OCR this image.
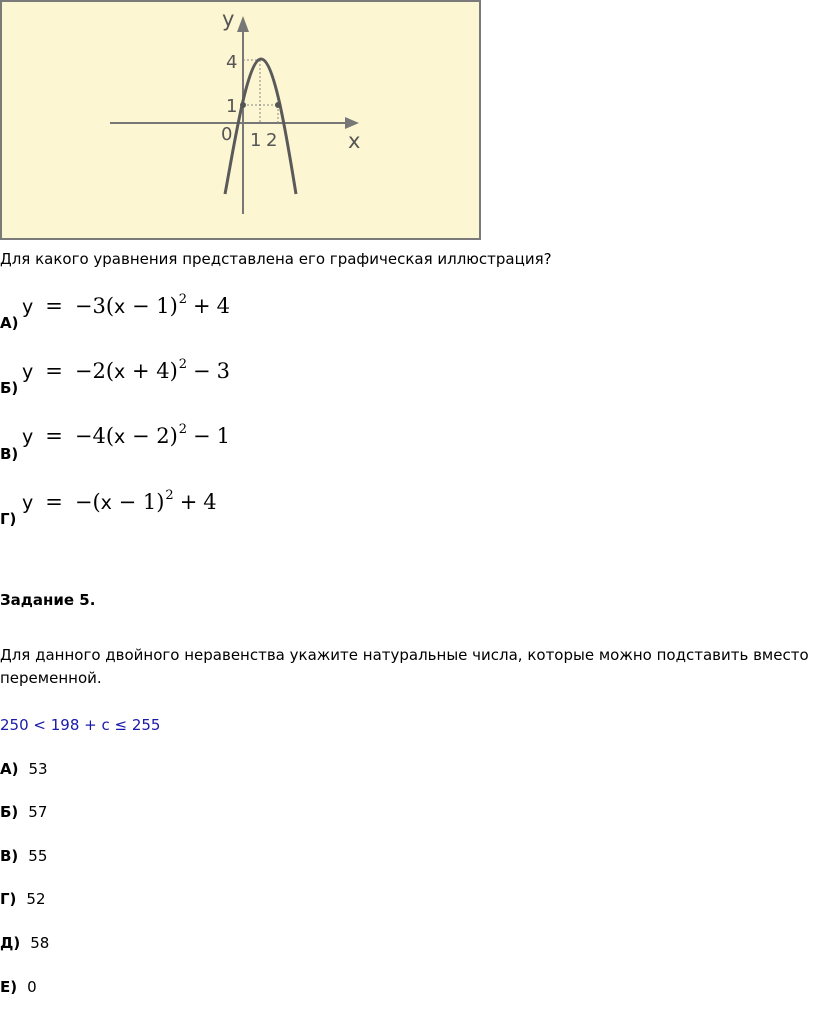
y
x
4
1
0 1 2
Для какого уравнения представлена его графическая иллюстрация?
$y = -3(x - 1)^2 + 4$
А)
$y = -2(x + 4)^2 - 3$
Б)
$y = -4(x - 2)^2 - 1$
В)
$y = -(x - 1)^2 + 4$
Г)
Задание 5.
Для данного двойного неравенства укажите натуральные числа, которые можно подставить вместо
переменной.
250 < 198 + с ≤ 255
А) 53
Б) 57
В) 55
Г) 52
Д) 58
Е) 0
